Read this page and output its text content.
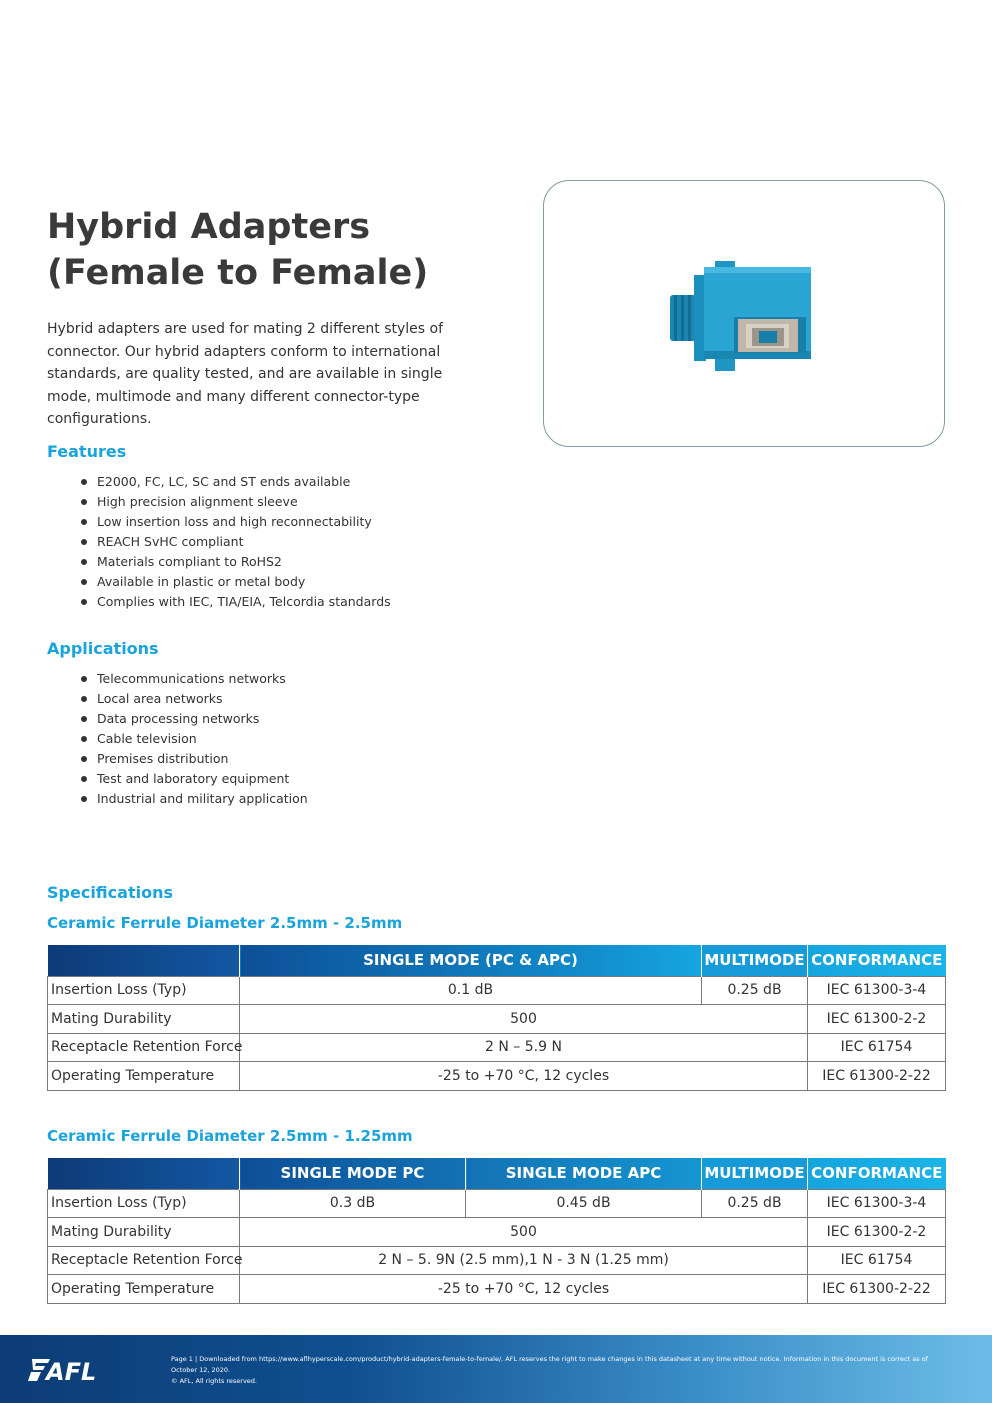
Hybrid Adapters
(Female to Female)

Hybrid adapters are used for mating 2 different styles of connector. Our hybrid adapters conform to international standards, are quality tested, and are available in single mode, multimode and many different connector-type configurations.

Features
E2000, FC, LC, SC and ST ends available
High precision alignment sleeve
Low insertion loss and high reconnectability
REACH SvHC compliant
Materials compliant to RoHS2
Available in plastic or metal body
Complies with IEC, TIA/EIA, Telcordia standards
Applications
Telecommunications networks
Local area networks
Data processing networks
Cable television
Premises distribution
Test and laboratory equipment
Industrial and military application
Specifications
Ceramic Ferrule Diameter 2.5mm - 2.5mm
	SINGLE MODE (PC & APC)	MULTIMODE	CONFORMANCE
Insertion Loss (Typ)	0.1 dB	0.25 dB	IEC 61300-3-4
Mating Durability	500		IEC 61300-2-2
Receptacle Retention Force	2 N – 5.9 N		IEC 61754
Operating Temperature	-25 to +70 °C, 12 cycles		IEC 61300-2-22
Ceramic Ferrule Diameter 2.5mm - 1.25mm
	SINGLE MODE PC	SINGLE MODE APC	MULTIMODE	CONFORMANCE
Insertion Loss (Typ)	0.3 dB	0.45 dB	0.25 dB	IEC 61300-3-4
Mating Durability	500			IEC 61300-2-2
Receptacle Retention Force	2 N – 5. 9N (2.5 mm),1 N - 3 N (1.25 mm)			IEC 61754
Operating Temperature	-25 to +70 °C, 12 cycles			IEC 61300-2-22
AFL	Page 1 | Downloaded from https://www.aflhyperscale.com/product/hybrid-adapters-female-to-female/. AFL reserves the right to make changes in this datasheet at any time without notice. Information in this document is correct as of
October 12, 2020.
© AFL, All rights reserved.
